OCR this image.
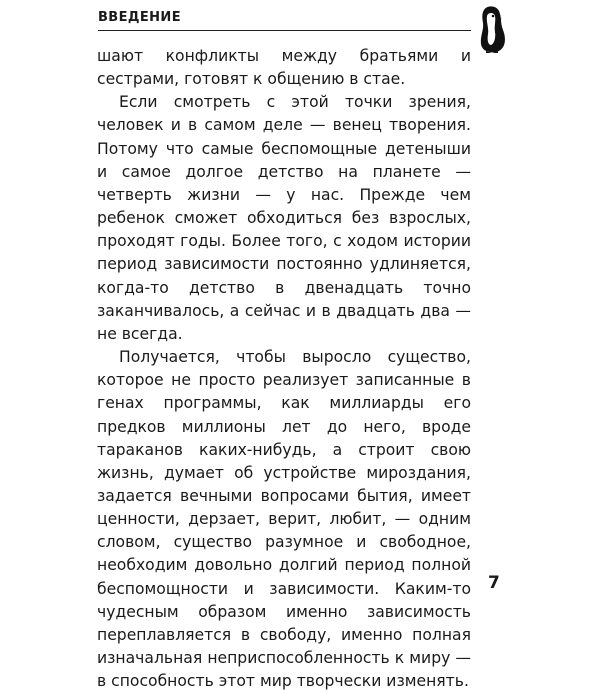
ВВЕДЕНИЕ

шают конфликты между братьями и сестрами, готовят к общению в стае.

Если смотреть с этой точки зрения, человек и в самом деле — венец творения. Потому что самые беспомощные детеныши и самое долгое детство на планете — четверть жизни — у нас. Прежде чем ребенок сможет обходиться без взрослых, проходят годы. Более того, с ходом истории период зависимости постоянно удлиняется, когда-то детство в двенадцать точно заканчивалось, а сейчас и в двадцать два — не всегда.

Получается, чтобы выросло существо, которое не просто реализует записанные в генах программы, как миллиарды его предков миллионы лет до него, вроде тараканов каких-нибудь, а строит свою жизнь, думает об устройстве мироздания, задается вечными вопросами бытия, имеет ценности, дерзает, верит, любит, — одним словом, существо разумное и свободное, необходим довольно долгий период полной беспомощности и зависимости. Каким-то чудесным образом именно зависимость переплавляется в свободу, именно полная изначальная неприспособленность к миру — в способность этот мир творчески изменять.

7
